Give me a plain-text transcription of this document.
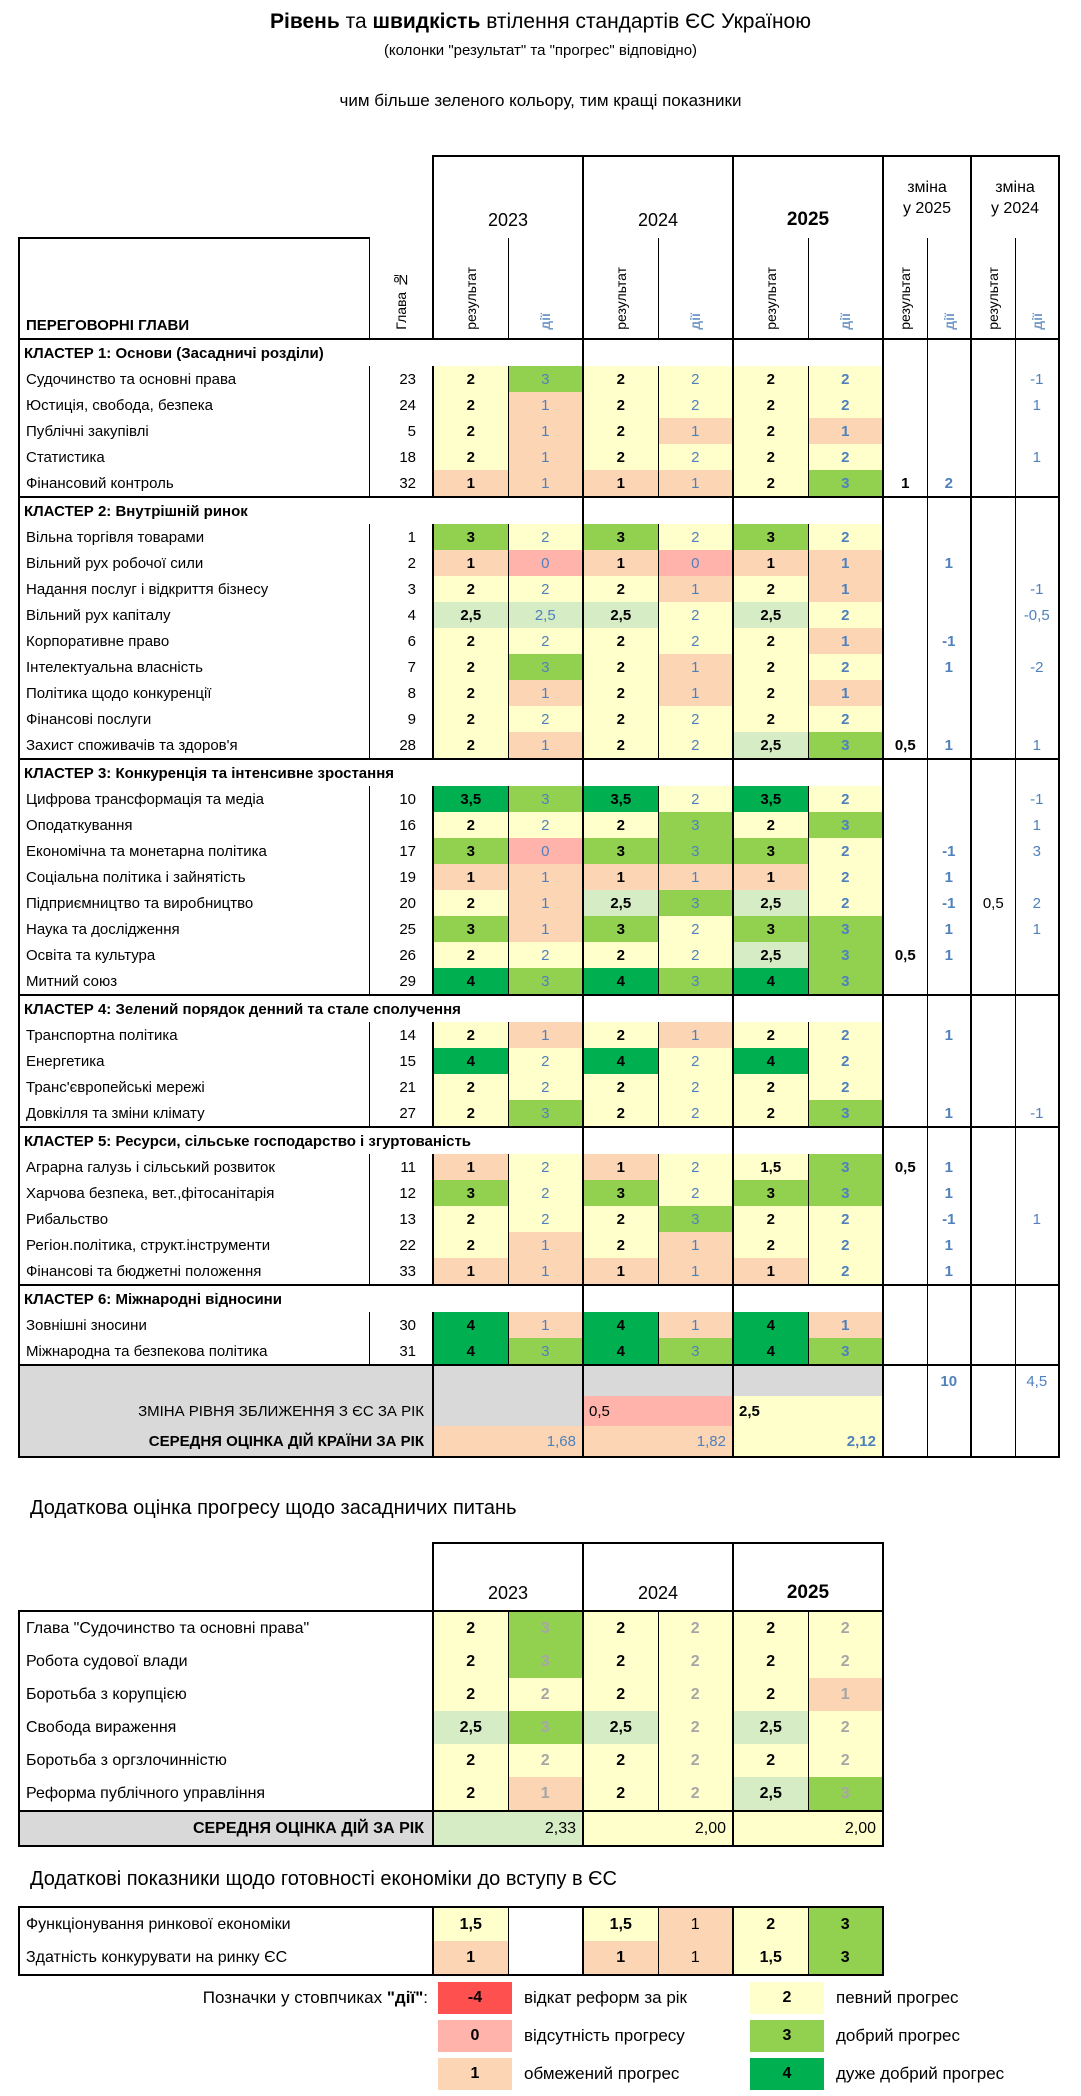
Рівень та швидкість втілення стандартів ЄС Україною
(колонки "результат" та "прогрес" відповідно)
чим більше зеленого кольору, тим кращі показники
	2023	2024	2025	
зміна
у 2025

зміна
у 2024

ПЕРЕГОВОРНІ ГЛАВИ	Глава №	результат	дії	результат	дії	результат	дії	результат	дії	результат	дії
КЛАСТЕР 1: Основи (Засадничі розділи)											
Судочинство та основні права	23	2	3	2	2	2	2				-1
Юстиція, свобода, безпека	24	2	1	2	2	2	2				1
Публічні закупівлі	5	2	1	2	1	2	1				
Статистика	18	2	1	2	2	2	2				1
Фінансовий контроль	32	1	1	1	1	2	3	1	2		
КЛАСТЕР 2: Внутрішній ринок											
Вільна торгівля товарами	1	3	2	3	2	3	2				
Вільний рух робочої сили	2	1	0	1	0	1	1		1		
Надання послуг і відкриття бізнесу	3	2	2	2	1	2	1				-1
Вільний рух капіталу	4	2,5	2,5	2,5	2	2,5	2				-0,5
Корпоративне право	6	2	2	2	2	2	1		-1		
Інтелектуальна власність	7	2	3	2	1	2	2		1		-2
Політика щодо конкуренції	8	2	1	2	1	2	1				
Фінансові послуги	9	2	2	2	2	2	2				
Захист споживачів та здоров'я	28	2	1	2	2	2,5	3	0,5	1		1
КЛАСТЕР 3: Конкуренція та інтенсивне зростання											
Цифрова трансформація та медіа	10	3,5	3	3,5	2	3,5	2				-1
Оподаткування	16	2	2	2	3	2	3				1
Економічна та монетарна політика	17	3	0	3	3	3	2		-1		3
Соціальна політика і зайнятість	19	1	1	1	1	1	2		1		
Підприємництво та виробництво	20	2	1	2,5	3	2,5	2		-1	0,5	2
Наука та дослідження	25	3	1	3	2	3	3		1		1
Освіта та культура	26	2	2	2	2	2,5	3	0,5	1		
Митний союз	29	4	3	4	3	4	3				
КЛАСТЕР 4: Зелений порядок денний та стале сполучення											
Транспортна політика	14	2	1	2	1	2	2		1		
Енергетика	15	4	2	4	2	4	2				
Транс'європейські мережі	21	2	2	2	2	2	2				
Довкілля та зміни клімату	27	2	3	2	2	2	3		1		-1
КЛАСТЕР 5: Ресурси, сільське господарство і згуртованість											
Аграрна галузь і сільський розвиток	11	1	2	1	2	1,5	3	0,5	1		
Харчова безпека, вет.,фітосанітарія	12	3	2	3	2	3	3		1		
Рибальство	13	2	2	2	3	2	2		-1		1
Регіон.політика, структ.інструменти	22	2	1	2	1	2	2		1		
Фінансові та бюджетні положення	33	1	1	1	1	1	2		1		
КЛАСТЕР 6: Міжнародні відносини											
Зовнішні зносини	30	4	1	4	1	4	1				
Міжнародна та безпекова політика	31	4	3	4	3	4	3				
									10		4,5
ЗМІНА РІВНЯ ЗБЛИЖЕННЯ З ЄС ЗА РІК				0,5		2,5					
СЕРЕДНЯ ОЦІНКА ДІЙ КРАЇНИ ЗА РІК		1,68		1,82		2,12					
Додаткова оцінка прогресу щодо засадничих питань
	2023		2024		2025	
Глава "Судочинство та основні права"	2	3	2	2	2	2
Робота судової влади	2	3	2	2	2	2
Боротьба з корупцією	2	2	2	2	2	1
Свобода вираження	2,5	3	2,5	2	2,5	2
Боротьба з оргзлочинністю	2	2	2	2	2	2
Реформа публічного управління	2	1	2	2	2,5	3
СЕРЕДНЯ ОЦІНКА ДІЙ ЗА РІК	2,33		2,00		2,00	
Додаткові показники щодо готовності економіки до вступу в ЄС
Функціонування ринкової економіки	1,5		1,5	1	2	3
Здатність конкурувати на ринку ЄС	1		1	1	1,5	3
Позначки у стовпчиках "дії":	-4	відкат реформ за рік
0	відсутність прогресу
1	обмежений прогрес
2	певний прогрес
3	добрий прогрес
4	дуже добрий прогрес
